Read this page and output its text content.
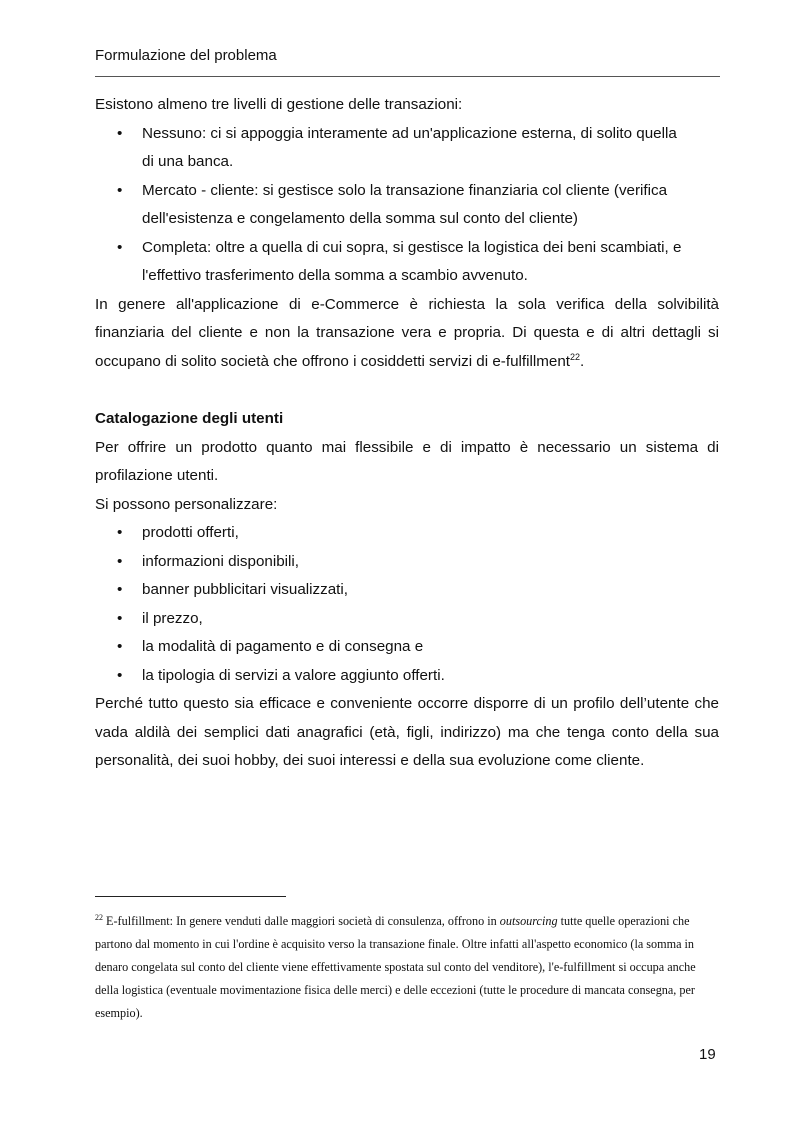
Formulazione del problema

Esistono almeno tre livelli di gestione delle transazioni:

• Nessuno: ci si appoggia interamente ad un'applicazione esterna, di solito quella
di una banca.
• Mercato - cliente: si gestisce solo la transazione finanziaria col cliente (verifica
dell'esistenza e congelamento della somma sul conto del cliente)
• Completa: oltre a quella di cui sopra, si gestisce la logistica dei beni scambiati, e
l'effettivo trasferimento della somma a scambio avvenuto.

In genere all'applicazione di e-Commerce è richiesta la sola verifica della solvibilità finanziaria del cliente e non la transazione vera e propria. Di questa e di altri dettagli si occupano di solito società che offrono i cosiddetti servizi di e-fulfillment$^{22}$.

Catalogazione degli utenti

Per offrire un prodotto quanto mai flessibile e di impatto è necessario un sistema di profilazione utenti.

Si possono personalizzare:

• prodotti offerti,
• informazioni disponibili,
• banner pubblicitari visualizzati,
• il prezzo,
• la modalità di pagamento e di consegna e
• la tipologia di servizi a valore aggiunto offerti.

Perché tutto questo sia efficace e conveniente occorre disporre di un profilo dell’utente che vada aldilà dei semplici dati anagrafici (età, figli, indirizzo) ma che tenga conto della sua personalità, dei suoi hobby, dei suoi interessi e della sua evoluzione come cliente.

$^{22}$ E-fulfillment: In genere venduti dalle maggiori società di consulenza, offrono in outsourcing tutte quelle operazioni che partono dal momento in cui l'ordine è acquisito verso la transazione finale. Oltre infatti all'aspetto economico (la somma in denaro congelata sul conto del cliente viene effettivamente spostata sul conto del venditore), l'e-fulfillment si occupa anche della logistica (eventuale movimentazione fisica delle merci) e delle eccezioni (tutte le procedure di mancata consegna, per esempio).
19
